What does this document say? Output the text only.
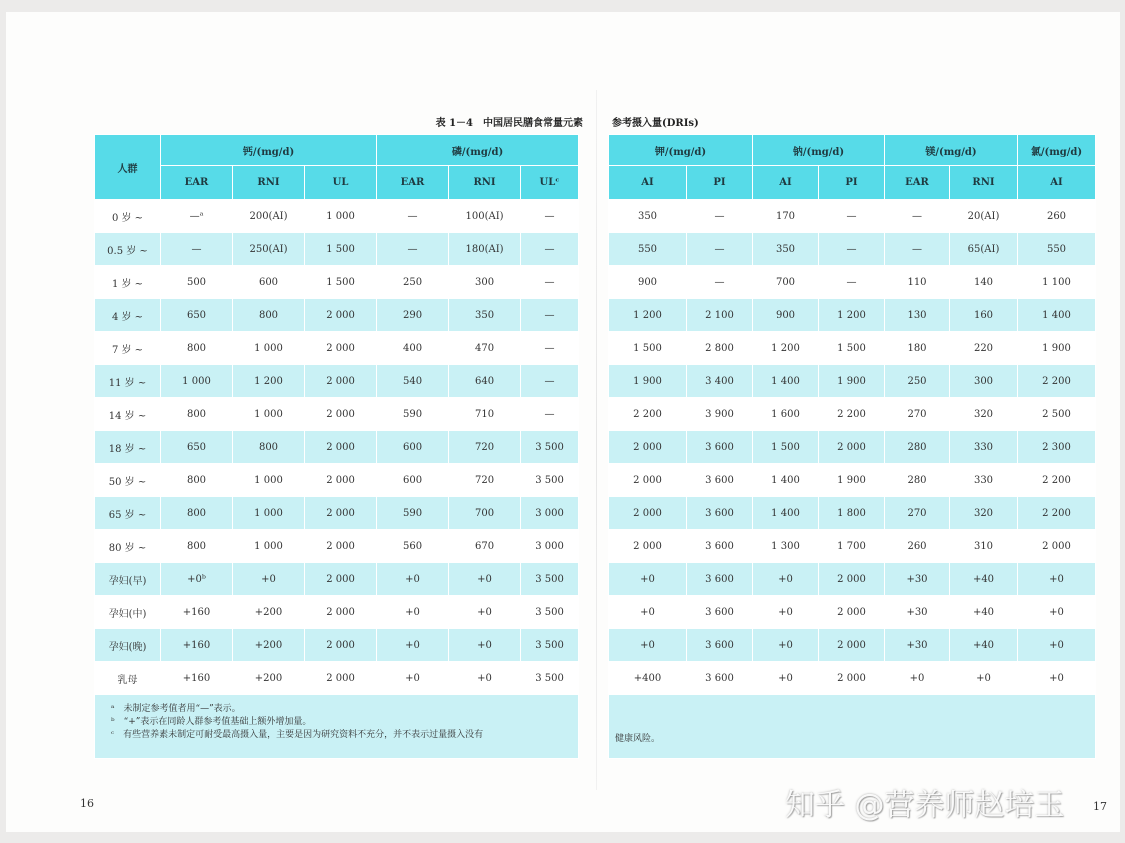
表 1－4　中国居民膳食常量元素	参考摄入量(DRIs)
人群	钙/(mg/d)			磷/(mg/d)		
	EAR	RNI	UL	EAR	RNI	ULᶜ
0 岁 ~	—ᵃ	200(AI)	1 000	—	100(AI)	—
0.5 岁 ~	—	250(AI)	1 500	—	180(AI)	—
1 岁 ~	500	600	1 500	250	300	—
4 岁 ~	650	800	2 000	290	350	—
7 岁 ~	800	1 000	2 000	400	470	—
11 岁 ~	1 000	1 200	2 000	540	640	—
14 岁 ~	800	1 000	2 000	590	710	—
18 岁 ~	650	800	2 000	600	720	3 500
50 岁 ~	800	1 000	2 000	600	720	3 500
65 岁 ~	800	1 000	2 000	590	700	3 000
80 岁 ~	800	1 000	2 000	560	670	3 000
孕妇(早)	+0ᵇ	+0	2 000	+0	+0	3 500
孕妇(中)	+160	+200	2 000	+0	+0	3 500
孕妇(晚)	+160	+200	2 000	+0	+0	3 500
乳母	+160	+200	2 000	+0	+0	3 500

ᵃ　未制定参考值者用“—”表示。
ᵇ　“+”表示在同龄人群参考值基础上额外增加量。
ᶜ　有些营养素未制定可耐受最高摄入量，主要是因为研究资料不充分，并不表示过量摄入没有						
钾/(mg/d)		钠/(mg/d)		镁/(mg/d)		氯/(mg/d)
AI	PI	AI	PI	EAR	RNI	AI
350	—	170	—	—	20(AI)	260
550	—	350	—	—	65(AI)	550
900	—	700	—	110	140	1 100
1 200	2 100	900	1 200	130	160	1 400
1 500	2 800	1 200	1 500	180	220	1 900
1 900	3 400	1 400	1 900	250	300	2 200
2 200	3 900	1 600	2 200	270	320	2 500
2 000	3 600	1 500	2 000	280	330	2 300
2 000	3 600	1 400	1 900	280	330	2 200
2 000	3 600	1 400	1 800	270	320	2 200
2 000	3 600	1 300	1 700	260	310	2 000
+0	3 600	+0	2 000	+30	+40	+0
+0	3 600	+0	2 000	+30	+40	+0
+0	3 600	+0	2 000	+30	+40	+0
+400	3 600	+0	2 000	+0	+0	+0

健康风险。						
16	17
知乎 @营养师赵培玉
